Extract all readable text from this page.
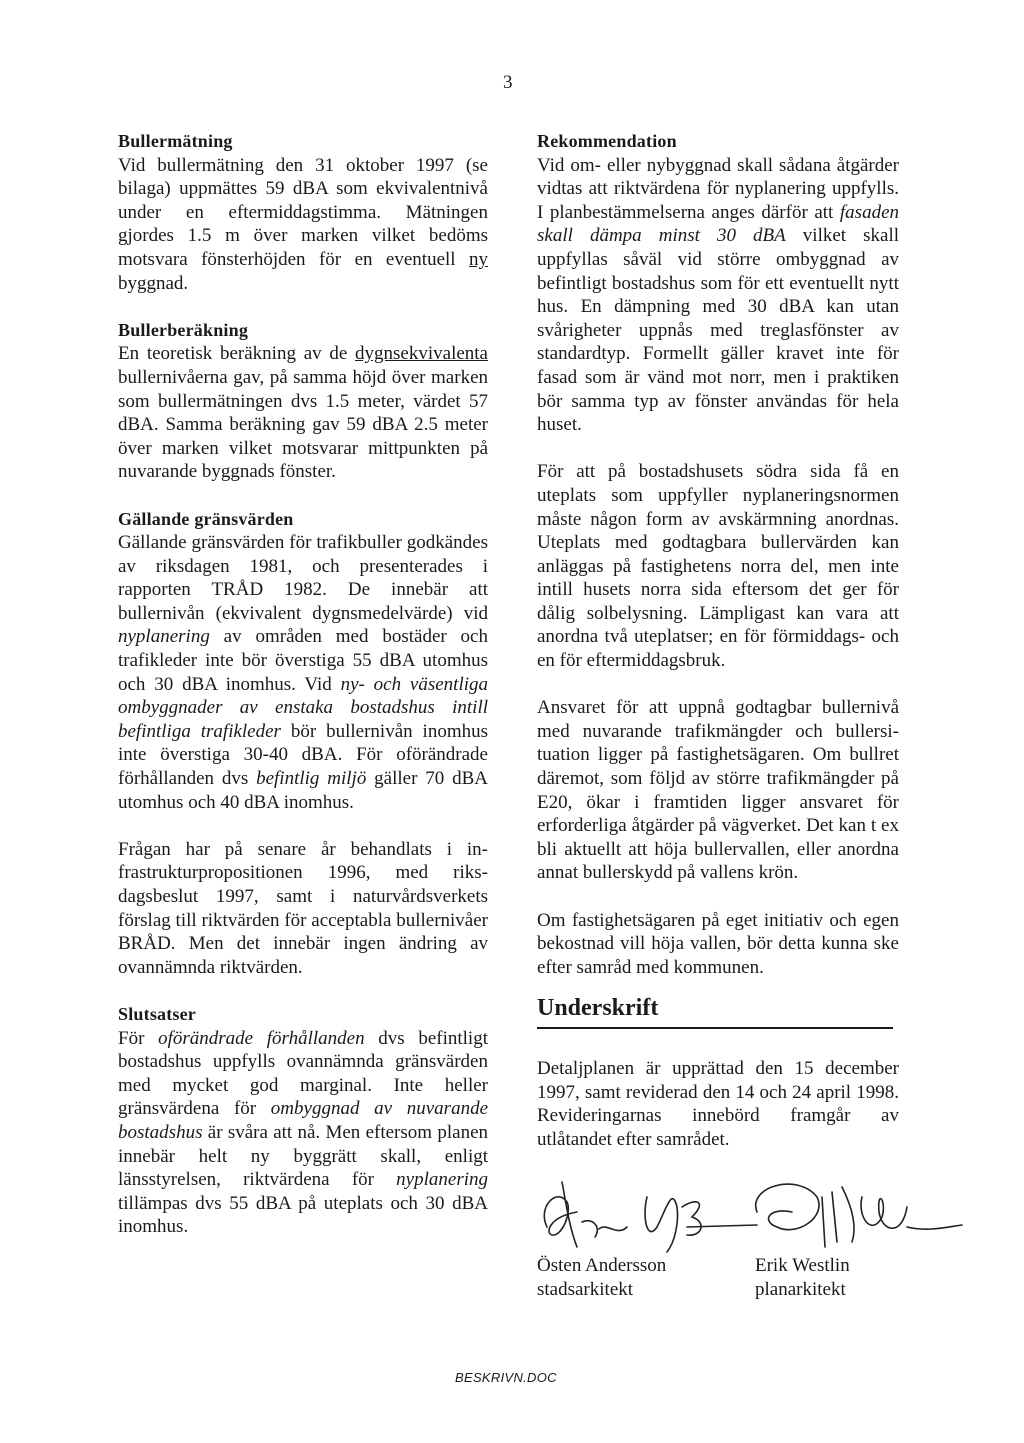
3
Bullermätning
Vid bullermätning den 31 oktober 1997 (se bilaga) uppmättes 59 dBA som ekvivalentnivå under en eftermiddagstimma. Mätningen gjordes 1.5 m över marken vilket bedöms motsvara fönsterhöjden för en eventuell ny byggnad.
Bullerberäkning
En teoretisk beräkning av de dygnsekvivalenta bullernivåerna gav, på samma höjd över marken som bullermätningen dvs 1.5 meter, värdet 57 dBA. Samma beräkning gav 59 dBA 2.5 meter över marken vilket motsvarar mittpunkten på nuvarande byggnads fönster.
Gällande gränsvärden
Gällande gränsvärden för trafikbuller godkändes av riksdagen 1981, och presenterades i rapporten TRÅD 1982. De innebär att bullernivån (ekvivalent dygnsmedelvärde) vid nyplanering av områden med bostäder och trafikleder inte bör överstiga 55 dBA utomhus och 30 dBA inomhus. Vid ny- och väsentliga ombyggnader av enstaka bostadshus intill befintliga trafikleder bör bullernivån inomhus inte överstiga 30-40 dBA. För oförändrade förhållanden dvs befintlig miljö gäller 70 dBA utomhus och 40 dBA inomhus.
Frågan har på senare år behandlats i infrastrukturpropositionen 1996, med riksdagsbeslut 1997, samt i naturvårdsverkets förslag till riktvärden för acceptabla bullernivåer BRÅD. Men det innebär ingen ändring av ovannämnda riktvärden.
Slutsatser
För oförändrade förhållanden dvs befintligt bostadshus uppfylls ovannämnda gränsvärden med mycket god marginal. Inte heller gränsvärdena för ombyggnad av nuvarande bostadshus är svåra att nå. Men eftersom planen innebär helt ny byggrätt skall, enligt länsstyrelsen, riktvärdena för nyplanering tillämpas dvs 55 dBA på uteplats och 30 dBA inomhus.
Rekommendation
Vid om- eller nybyggnad skall sådana åtgärder vidtas att riktvärdena för nyplanering uppfylls. I planbestämmelserna anges därför att fasaden skall dämpa minst 30 dBA vilket skall uppfyllas såväl vid större ombyggnad av befintligt bostadshus som för ett eventuellt nytt hus. En dämpning med 30 dBA kan utan svårigheter uppnås med treglasfönster av standardtyp. Formellt gäller kravet inte för fasad som är vänd mot norr, men i praktiken bör samma typ av fönster användas för hela huset.
För att på bostadshusets södra sida få en uteplats som uppfyller nyplaneringsnormen måste någon form av avskärmning anordnas. Uteplats med godtagbara bullervärden kan anläggas på fastighetens norra del, men inte intill husets norra sida eftersom det ger för dålig solbelysning. Lämpligast kan vara att anordna två uteplatser; en för förmiddags- och en för eftermiddagsbruk.
Ansvaret för att uppnå godtagbar bullernivå med nuvarande trafikmängder och bullersituation ligger på fastighetsägaren. Om bullret däremot, som följd av större trafikmängder på E20, ökar i framtiden ligger ansvaret för erforderliga åtgärder på vägverket. Det kan t ex bli aktuellt att höja bullervallen, eller anordna annat bullerskydd på vallens krön.
Om fastighetsägaren på eget initiativ och egen bekostnad vill höja vallen, bör detta kunna ske efter samråd med kommunen.
Underskrift
Detaljplanen är upprättad den 15 december 1997, samt reviderad den 14 och 24 april 1998. Revideringarnas innebörd framgår av utlåtandet efter samrådet.
Östen Andersson
stadsarkitekt
Erik Westlin
planarkitekt
BESKRIVN.DOC
